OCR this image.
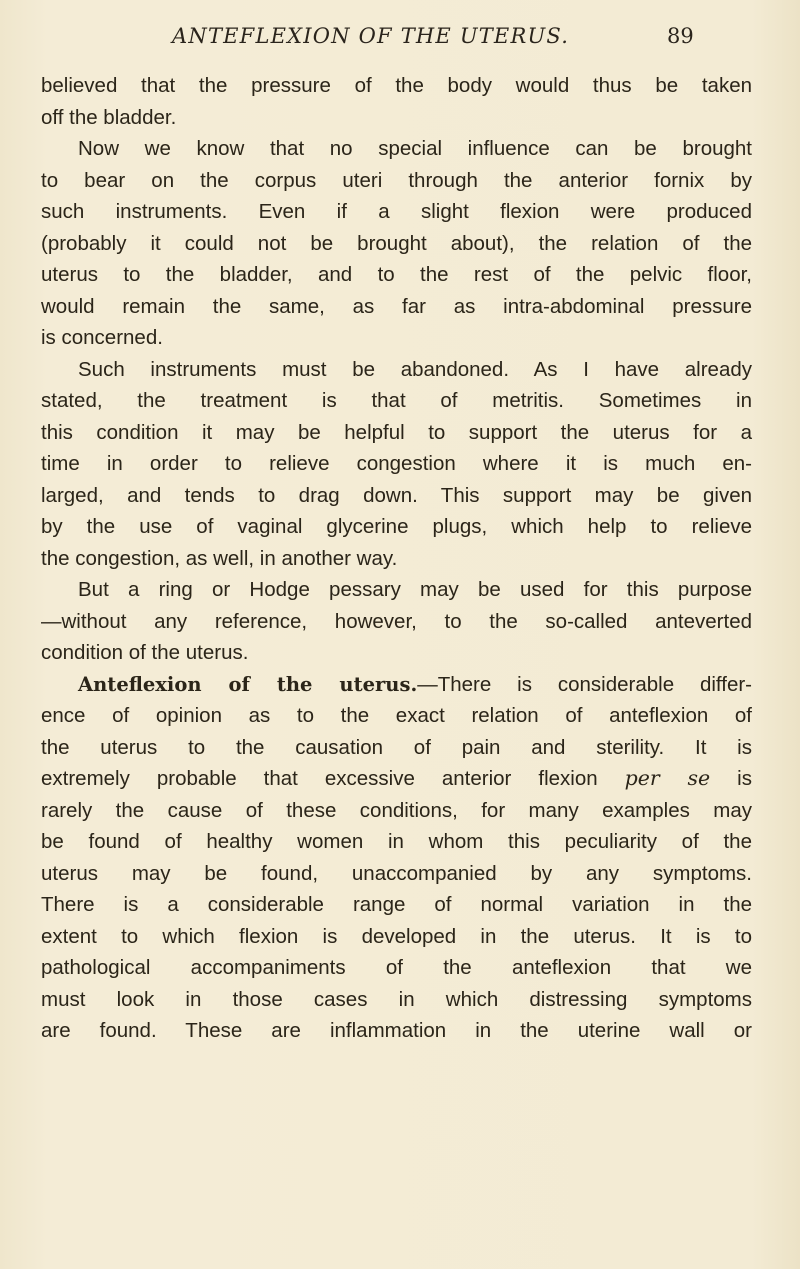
ANTEFLEXION OF THE UTERUS.	89
believed that the pressure of the body would thus be taken
off the bladder.
Now we know that no special influence can be brought
to bear on the corpus uteri through the anterior fornix by
such instruments. Even if a slight flexion were produced
(probably it could not be brought about), the relation of the
uterus to the bladder, and to the rest of the pelvic floor,
would remain the same, as far as intra-abdominal pressure
is concerned.
Such instruments must be abandoned. As I have already
stated, the treatment is that of metritis. Sometimes in
this condition it may be helpful to support the uterus for a
time in order to relieve congestion where it is much en-
larged, and tends to drag down. This support may be given
by the use of vaginal glycerine plugs, which help to relieve
the congestion, as well, in another way.
But a ring or Hodge pessary may be used for this purpose
—without any reference, however, to the so-called anteverted
condition of the uterus.
Anteflexion of the uterus.—There is considerable differ-
ence of opinion as to the exact relation of anteflexion of
the uterus to the causation of pain and sterility. It is
extremely probable that excessive anterior flexion per se is
rarely the cause of these conditions, for many examples may
be found of healthy women in whom this peculiarity of the
uterus may be found, unaccompanied by any symptoms.
There is a considerable range of normal variation in the
extent to which flexion is developed in the uterus. It is to
pathological accompaniments of the anteflexion that we
must look in those cases in which distressing symptoms
are found. These are inflammation in the uterine wall or
